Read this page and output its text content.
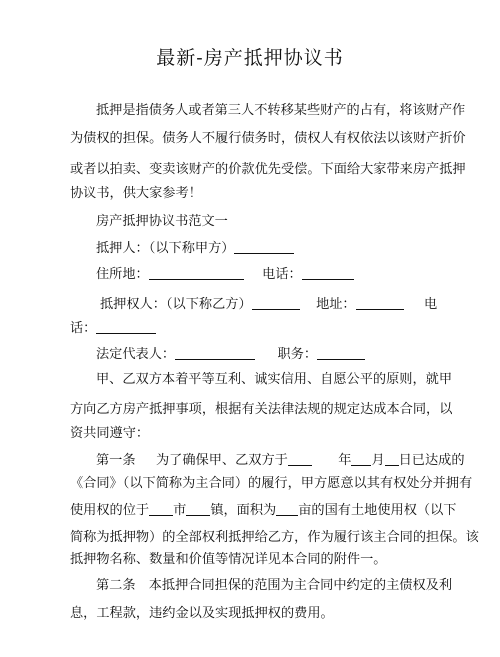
最新-房产抵押协议书
抵押是指债务人或者第三人不转移某些财产的占有，将该财产作
为债权的担保。债务人不履行债务时，债权人有权依法以该财产折价
或者以拍卖、变卖该财产的价款优先受偿。下面给大家带来房产抵押
协议书，供大家参考！
房产抵押协议书范文一
抵押人：（以下称甲方）
住所地：	电话：
抵押权人：（以下称乙方）	地址：	电
话：
法定代表人：	职务：
甲、乙双方本着平等互利、诚实信用、自愿公平的原则，就甲
方向乙方房产抵押事项，根据有关法律法规的规定达成本合同，以
资共同遵守：
第一条 为了确保甲、乙双方于	年 月 日已达成的
《合同》（以下简称为主合同）的履行，甲方愿意以其有权处分并拥有
使用权的位于 市 镇，面积为 亩的国有土地使用权（以下
简称为抵押物）的全部权利抵押给乙方，作为履行该主合同的担保。该
抵押物名称、数量和价值等情况详见本合同的附件一。
第二条　本抵押合同担保的范围为主合同中约定的主债权及利
息，工程款，违约金以及实现抵押权的费用。
